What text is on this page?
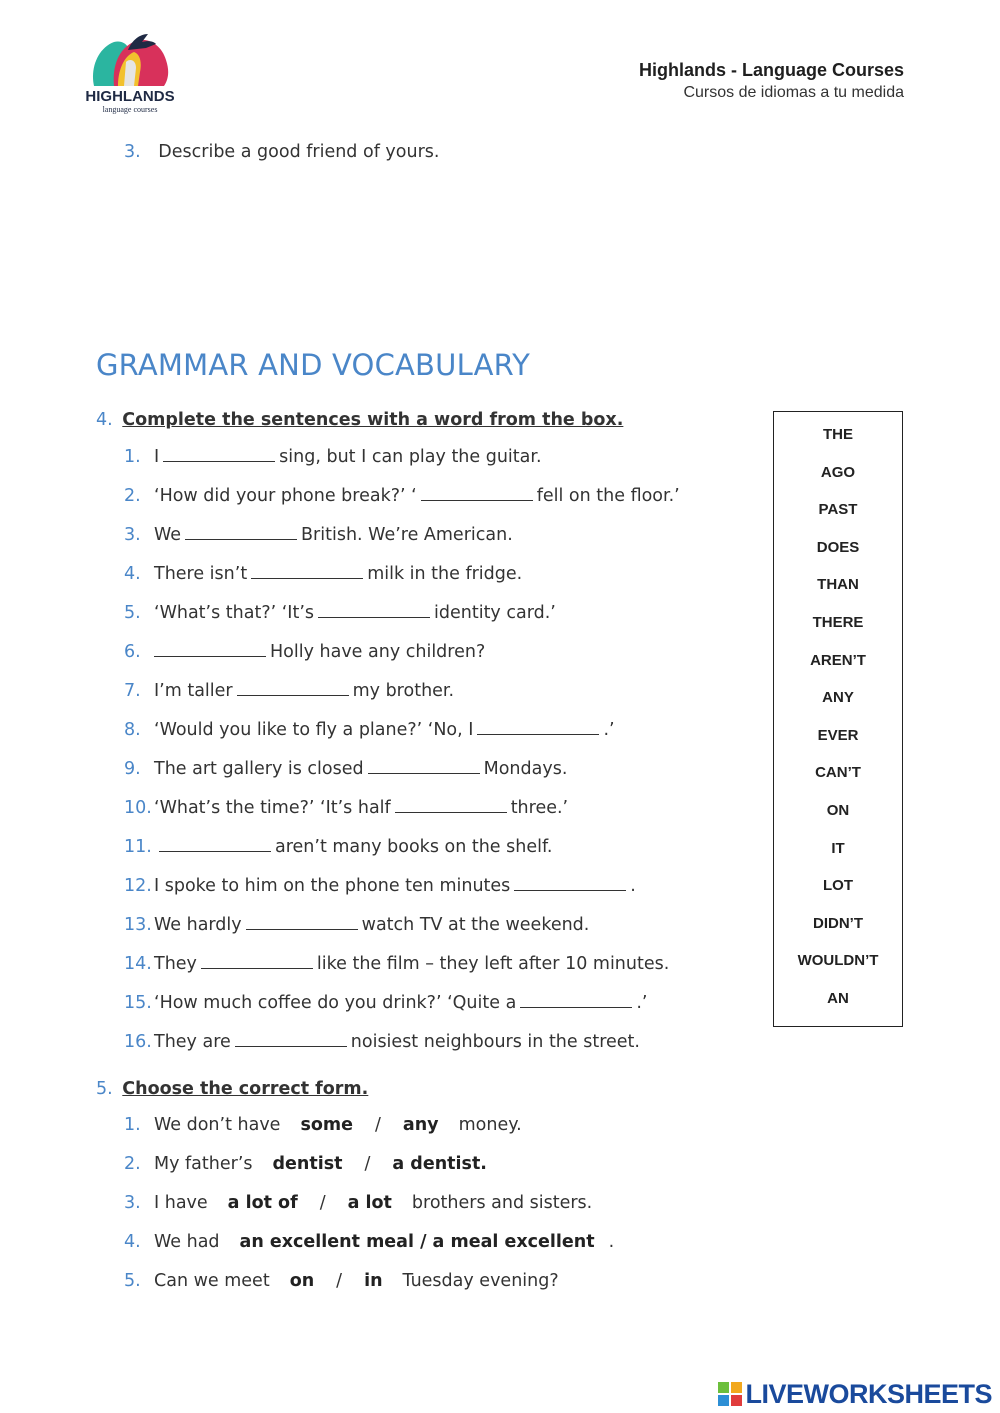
HIGHLANDS
language courses
Highlands - Language Courses
Cursos de idiomas a tu medida
3. Describe a good friend of yours.
GRAMMAR AND VOCABULARY
4. Complete the sentences with a word from the box.
1. I	sing, but I can play the guitar.
2. ‘How did your phone break?’ ‘	fell on the floor.’
3. We	British. We’re American.
4. There isn’t	milk in the fridge.
5. ‘What’s that?’ ‘It’s	identity card.’
6.	Holly have any children?
7. I’m taller	my brother.
8. ‘Would you like to fly a plane?’ ‘No, I	.’
9. The art gallery is closed	Mondays.
10. ‘What’s the time?’ ‘It’s half	three.’
11.	aren’t many books on the shelf.
12. I spoke to him on the phone ten minutes	.
13. We hardly	watch TV at the weekend.
14. They	like the film – they left after 10 minutes.
15. ‘How much coffee do you drink?’ ‘Quite a	.’
16. They are	noisiest neighbours in the street.
THE
AGO
PAST
DOES
THAN
THERE
AREN’T
ANY
EVER
CAN’T
ON
IT
LOT
DIDN’T
WOULDN’T
AN
5. Choose the correct form.
1. We don’t have some / any money.
2. My father’s dentist / a dentist.
3. I have a lot of / a lot brothers and sisters.
4. We had an excellent meal / a meal excellent .
5. Can we meet on / in Tuesday evening?
LIVEWORKSHEETS
